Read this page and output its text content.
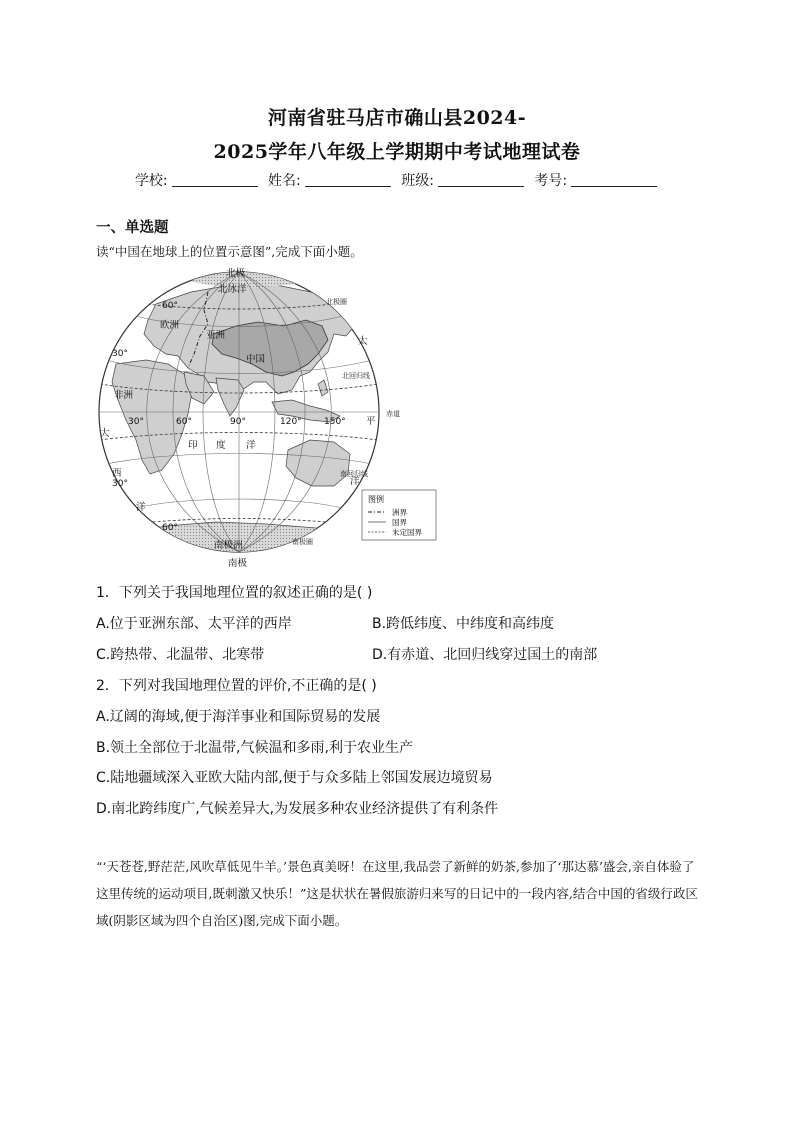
河南省驻马店市确山县2024-
2025学年八年级上学期期中考试地理试卷
学校:	姓名:	班级:	考号:
一、单选题
读“中国在地球上的位置示意图”,完成下面小题。
北极
北冰洋
欧洲
亚洲
中国
非洲
南极洲
南极
太
平
洋
印 度 洋
大
西
洋
北回归线
赤道
南回归线
北极圈
南极圈
60°
30°
30°
60°
30°	60°	90°	120° 150°
图例
洲界
国界
未定国界
1．下列关于我国地理位置的叙述正确的是( )
A.位于亚洲东部、太平洋的西岸	B.跨低纬度、中纬度和高纬度
C.跨热带、北温带、北寒带	D.有赤道、北回归线穿过国土的南部
2．下列对我国地理位置的评价,不正确的是( )
A.辽阔的海域,便于海洋事业和国际贸易的发展
B.领土全部位于北温带,气候温和多雨,利于农业生产
C.陆地疆域深入亚欧大陆内部,便于与众多陆上邻国发展边境贸易
D.南北跨纬度广,气候差异大,为发展多种农业经济提供了有利条件
“‘天苍苍,野茫茫,风吹草低见牛羊。’景色真美呀！在这里,我品尝了新鲜的奶茶,参加了‘那达慕’盛会,亲自体验了这里传统的运动项目,既刺激又快乐！”这是状状在暑假旅游归来写的日记中的一段内容,结合中国的省级行政区域(阴影区域为四个自治区)图,完成下面小题。
